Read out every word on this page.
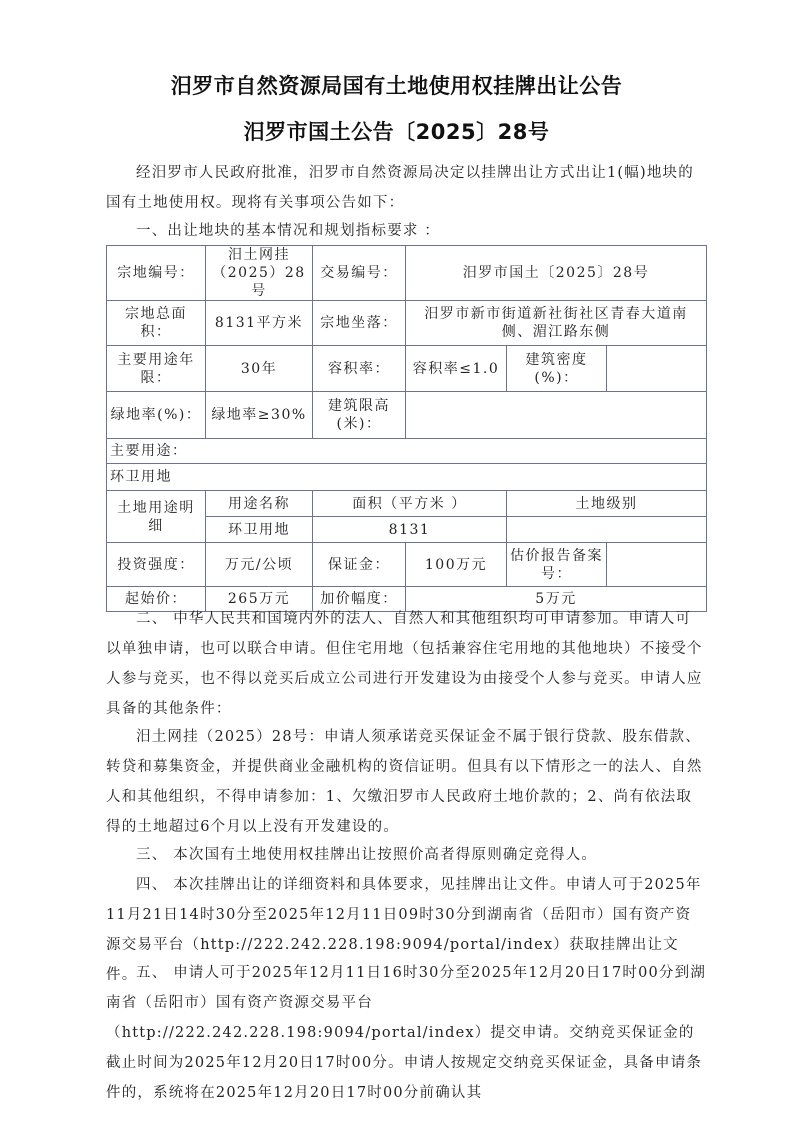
汨罗市自然资源局国有土地使用权挂牌出让公告
汨罗市国土公告〔2025〕28号
经汨罗市人民政府批准，汨罗市自然资源局决定以挂牌出让方式出让1(幅)地块的国有土地使用权。现将有关事项公告如下：
一、出让地块的基本情况和规划指标要求 ：
宗地编号：	汨土网挂（2025）28号	交易编号：	汨罗市国土〔2025〕28号		
宗地总面积：	8131平方米	宗地坐落：	汨罗市新市街道新社街社区青春大道南侧、湄江路东侧		
主要用途年限：	30年	容积率：	容积率≤1.0	建筑密度(%)：	
绿地率(%)：	绿地率≥30%	建筑限高(米)：			
主要用途：					
环卫用地					
土地用途明细	用途名称	面积（平方米 ）		土地级别	
	环卫用地	8131			
投资强度：	万元/公顷	保证金：	100万元	估价报告备案号：	
起始价：	265万元	加价幅度：	5万元		
二、 中华人民共和国境内外的法人、自然人和其他组织均可申请参加。申请人可以单独申请，也可以联合申请。但住宅用地（包括兼容住宅用地的其他地块）不接受个人参与竞买，也不得以竞买后成立公司进行开发建设为由接受个人参与竞买。申请人应具备的其他条件：
汨土网挂（2025）28号：申请人须承诺竞买保证金不属于银行贷款、股东借款、转贷和募集资金，并提供商业金融机构的资信证明。但具有以下情形之一的法人、自然人和其他组织，不得申请参加：1、欠缴汨罗市人民政府土地价款的；2、尚有依法取得的土地超过6个月以上没有开发建设的。
三、 本次国有土地使用权挂牌出让按照价高者得原则确定竞得人。
四、 本次挂牌出让的详细资料和具体要求，见挂牌出让文件。申请人可于2025年11月21日14时30分至2025年12月11日09时30分到湖南省（岳阳市）国有资产资源交易平台（http://222.242.228.198:9094/portal/index）获取挂牌出让文件。
五、 申请人可于2025年12月11日16时30分至2025年12月20日17时00分到湖南省（岳阳市）国有资产资源交易平台（http://222.242.228.198:9094/portal/index）提交申请。交纳竞买保证金的截止时间为2025年12月20日17时00分。申请人按规定交纳竞买保证金，具备申请条件的，系统将在2025年12月20日17时00分前确认其
